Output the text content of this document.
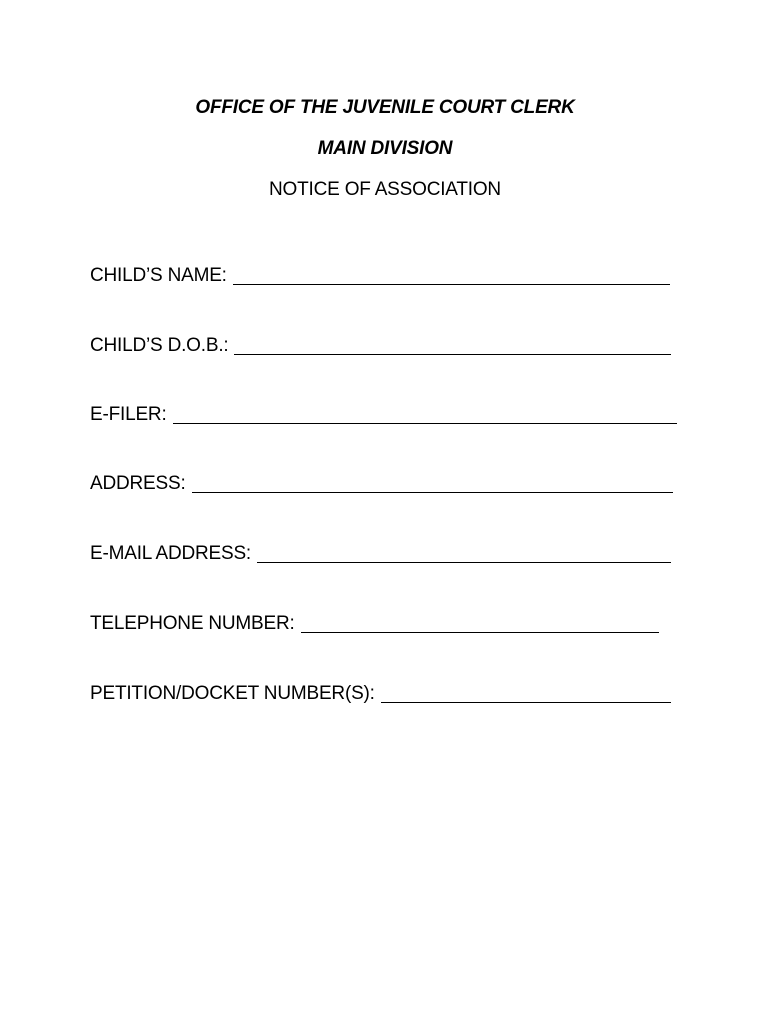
OFFICE OF THE JUVENILE COURT CLERK
MAIN DIVISION
NOTICE OF ASSOCIATION
CHILD’S NAME:
CHILD’S D.O.B.:
E-FILER:
ADDRESS:
E-MAIL ADDRESS:
TELEPHONE NUMBER:
PETITION/DOCKET NUMBER(S):
